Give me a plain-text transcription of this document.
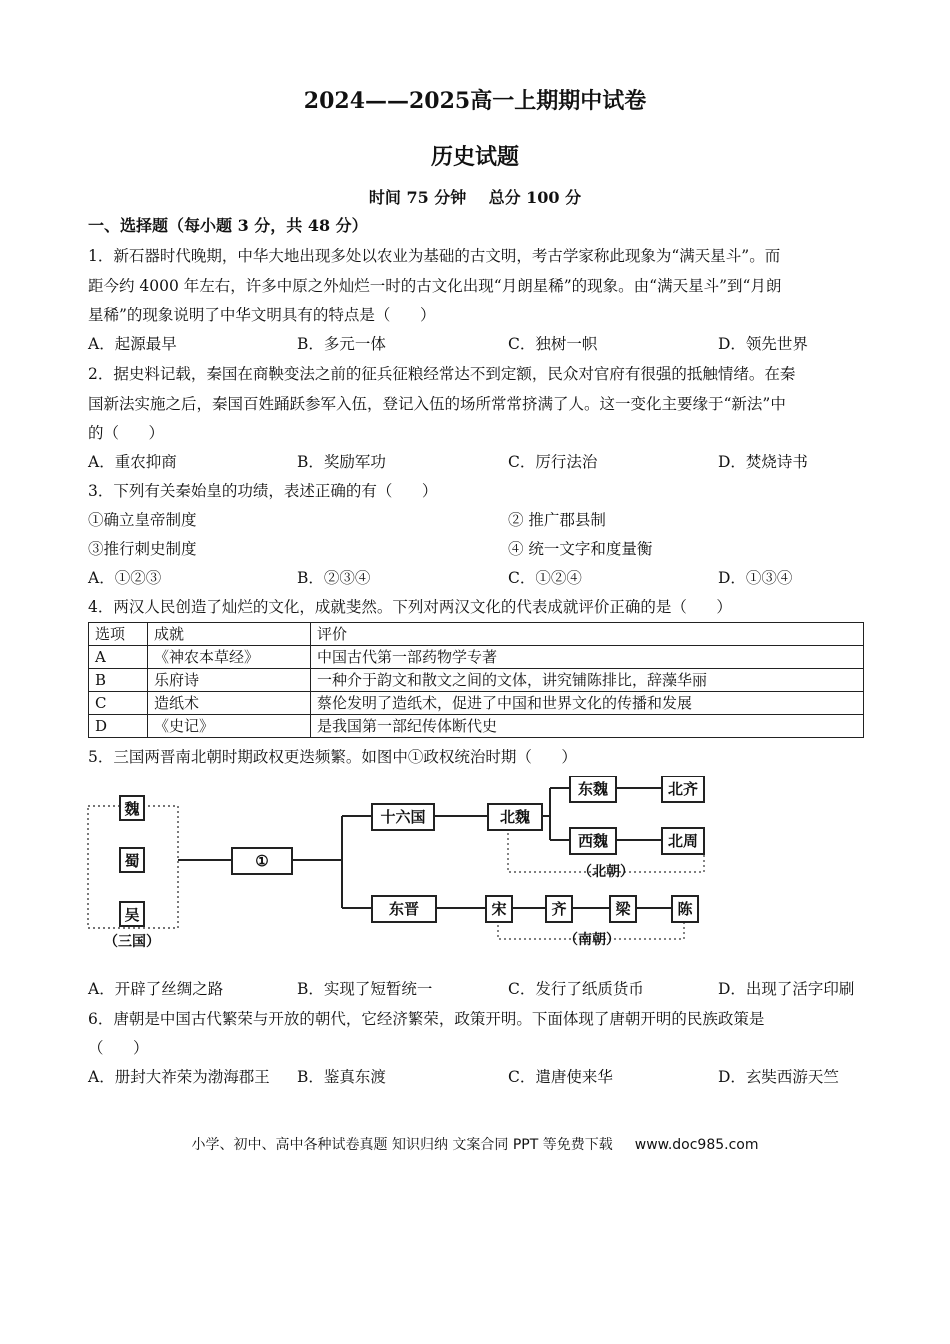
2024——2025高一上期期中试卷
历史试题
时间 75 分钟    总分 100 分
一、选择题（每小题 3 分，共 48 分）
1．新石器时代晚期，中华大地出现多处以农业为基础的古文明，考古学家称此现象为“满天星斗”。而
距今约 4000 年左右，许多中原之外灿烂一时的古文化出现“月朗星稀”的现象。由“满天星斗”到“月朗
星稀”的现象说明了中华文明具有的特点是（      ）
A．起源最早	B．多元一体	C．独树一帜	D．领先世界
2．据史料记载，秦国在商鞅变法之前的征兵征粮经常达不到定额，民众对官府有很强的抵触情绪。在秦
国新法实施之后，秦国百姓踊跃参军入伍，登记入伍的场所常常挤满了人。这一变化主要缘于“新法”中
的（      ）
A．重农抑商	B．奖励军功	C．厉行法治	D．焚烧诗书
3．下列有关秦始皇的功绩，表述正确的有（      ）
①确立皇帝制度	② 推广郡县制
③推行刺史制度	④ 统一文字和度量衡
A．①②③	B．②③④	C．①②④	D．①③④
4．两汉人民创造了灿烂的文化，成就斐然。下列对两汉文化的代表成就评价正确的是（      ）
选项	成就	评价
A	《神农本草经》	中国古代第一部药物学专著
B	乐府诗	一种介于韵文和散文之间的文体，讲究铺陈排比，辞藻华丽
C	造纸术	蔡伦发明了造纸术，促进了中国和世界文化的传播和发展
D	《史记》	是我国第一部纪传体断代史
5．三国两晋南北朝时期政权更迭频繁。如图中①政权统治时期（      ）
魏
蜀
吴
（三国）
①
十六国	北魏
东魏	北齐
西魏	北周
（北朝）
东晋	宋	齐	梁	陈
（南朝）
A．开辟了丝绸之路	B．实现了短暂统一	C．发行了纸质货币	D．出现了活字印刷
6．唐朝是中国古代繁荣与开放的朝代，它经济繁荣，政策开明。下面体现了唐朝开明的民族政策是
（      ）
A．册封大祚荣为渤海郡王 B．鉴真东渡	C．遣唐使来华	D．玄奘西游天竺
小学、初中、高中各种试卷真题 知识归纳 文案合同 PPT 等免费下载 www.doc985.com
